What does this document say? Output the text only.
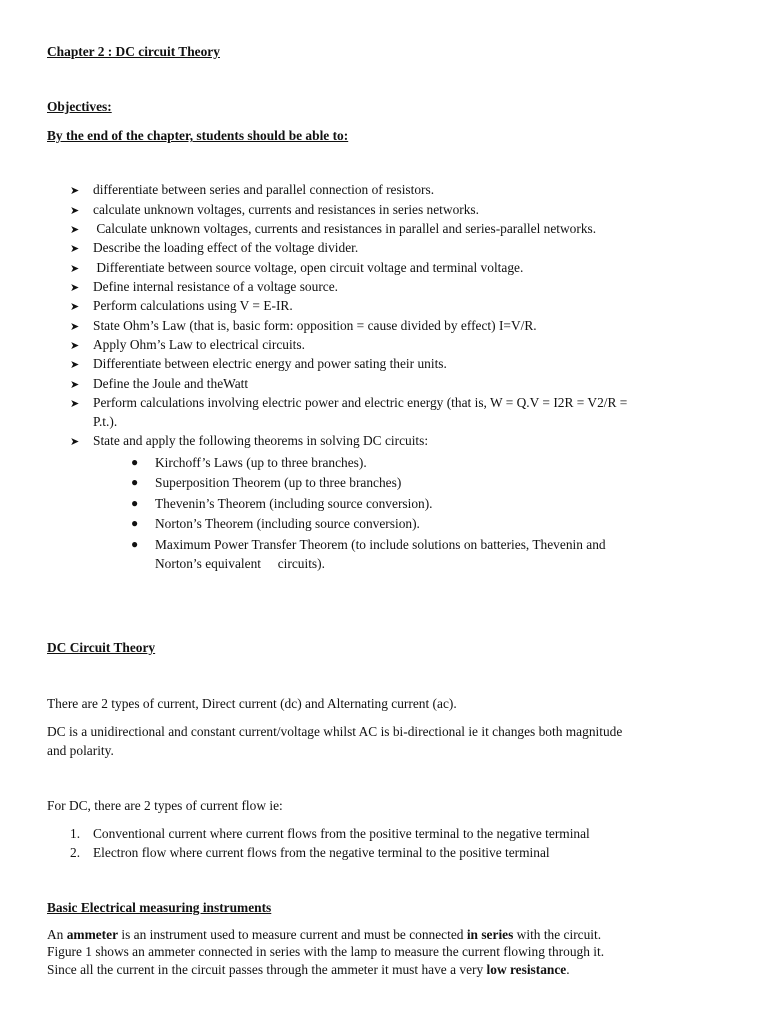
Chapter 2 : DC circuit Theory
Objectives:
By the end of the chapter, students should be able to:
➤ differentiate between series and parallel connection of resistors.
➤ calculate unknown voltages, currents and resistances in series networks.
➤ Calculate unknown voltages, currents and resistances in parallel and series-parallel networks.
➤ Describe the loading effect of the voltage divider.
➤ Differentiate between source voltage, open circuit voltage and terminal voltage.
➤ Define internal resistance of a voltage source.
➤ Perform calculations using V = E-IR.
➤ State Ohm’s Law (that is, basic form: opposition = cause divided by effect) I=V/R.
➤ Apply Ohm’s Law to electrical circuits.
➤ Differentiate between electric energy and power sating their units.
➤ Define the Joule and theWatt
➤ Perform calculations involving electric power and electric energy (that is, W = Q.V = I2R = V2/R =
P.t.).
➤ State and apply the following theorems in solving DC circuits:
● Kirchoff’s Laws (up to three branches).
● Superposition Theorem (up to three branches)
● Thevenin’s Theorem (including source conversion).
● Norton’s Theorem (including source conversion).
● Maximum Power Transfer Theorem (to include solutions on batteries, Thevenin and
Norton’s equivalent     circuits).
DC Circuit Theory
There are 2 types of current, Direct current (dc) and Alternating current (ac).
DC is a unidirectional and constant current/voltage whilst AC is bi-directional ie it changes both magnitude
and polarity.
For DC, there are 2 types of current flow ie:
1. Conventional current where current flows from the positive terminal to the negative terminal
2. Electron flow where current flows from the negative terminal to the positive terminal
Basic Electrical measuring instruments
An ammeter is an instrument used to measure current and must be connected in series with the circuit.
Figure 1 shows an ammeter connected in series with the lamp to measure the current flowing through it.
Since all the current in the circuit passes through the ammeter it must have a very low resistance.
